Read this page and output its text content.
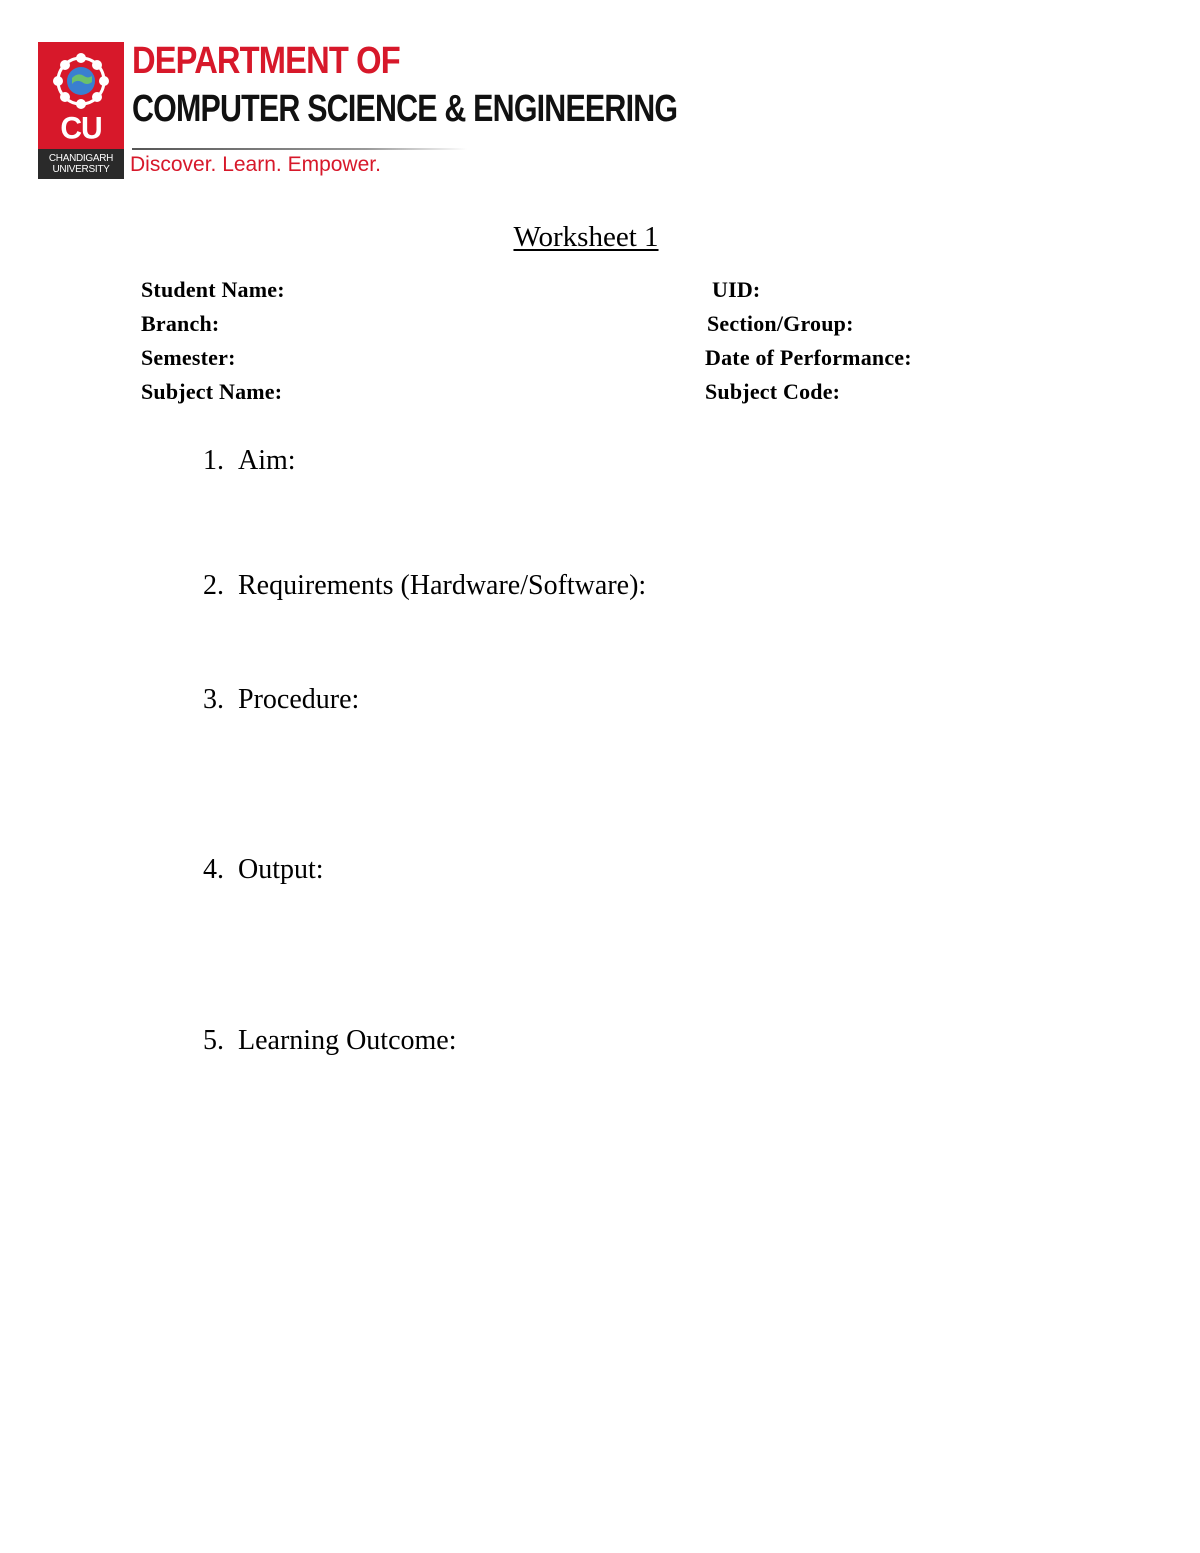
CU
CHANDIGARH
UNIVERSITY
DEPARTMENT OF
COMPUTER SCIENCE & ENGINEERING
Discover. Learn. Empower.
Worksheet 1
Student Name:
Branch:
Semester:
Subject Name:
UID:
Section/Group:
Date of Performance:
Subject Code:
1. Aim:
2. Requirements (Hardware/Software):
3. Procedure:
4. Output:
5. Learning Outcome:
